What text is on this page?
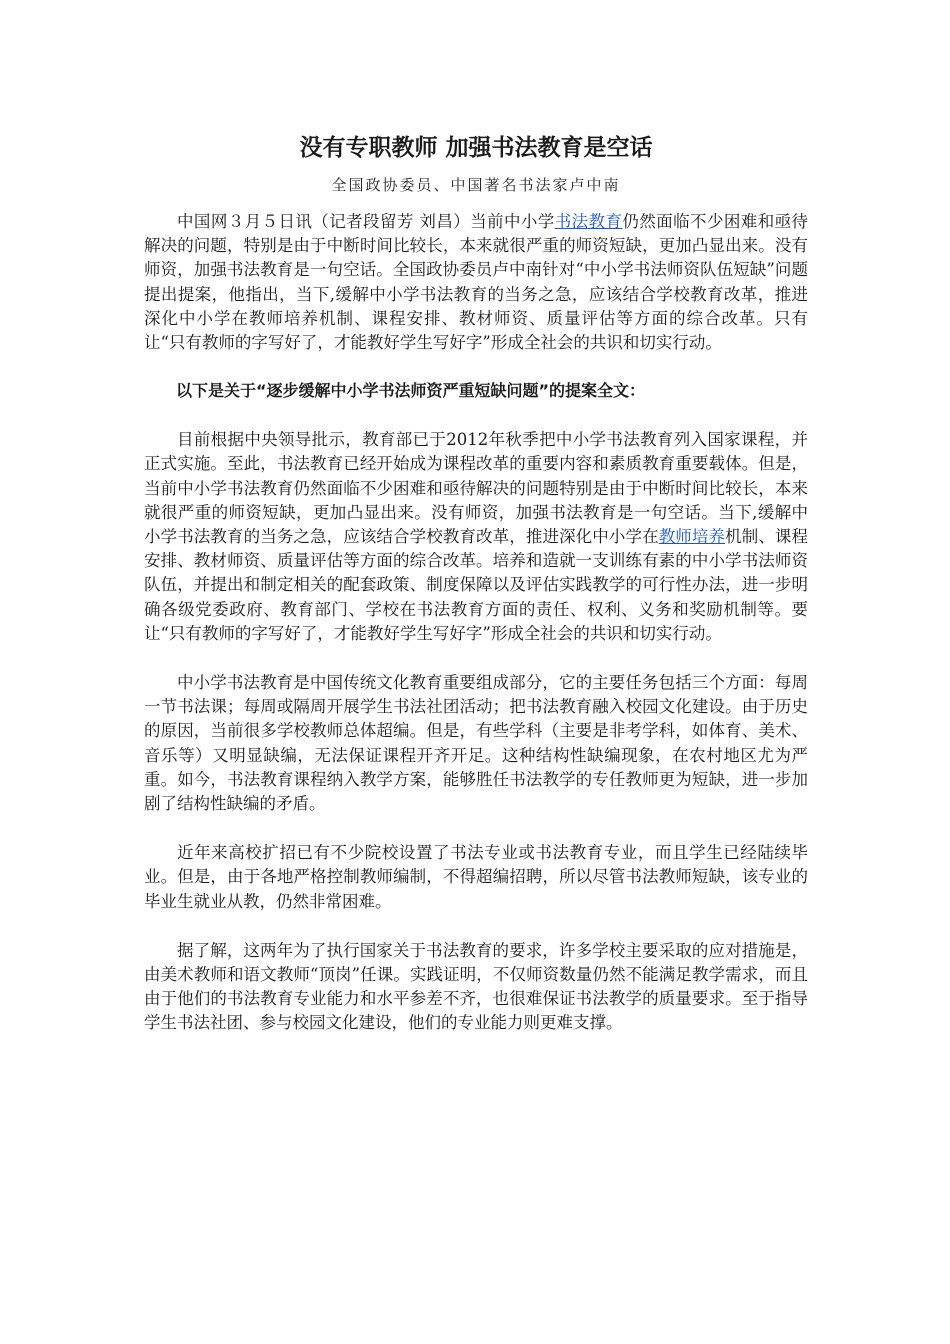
没有专职教师 加强书法教育是空话

全国政协委员、中国著名书法家卢中南

中国网３月５日讯（记者段留芳 刘昌）当前中小学书法教育仍然面临不少困难和亟待解决的问题，特别是由于中断时间比较长，本来就很严重的师资短缺，更加凸显出来。没有师资，加强书法教育是一句空话。全国政协委员卢中南针对“中小学书法师资队伍短缺”问题提出提案，他指出，当下,缓解中小学书法教育的当务之急，应该结合学校教育改革，推进深化中小学在教师培养机制、课程安排、教材师资、质量评估等方面的综合改革。只有让“只有教师的字写好了，才能教好学生写好字”形成全社会的共识和切实行动。

以下是关于“逐步缓解中小学书法师资严重短缺问题”的提案全文：

目前根据中央领导批示，教育部已于2012年秋季把中小学书法教育列入国家课程，并正式实施。至此，书法教育已经开始成为课程改革的重要内容和素质教育重要载体。但是，当前中小学书法教育仍然面临不少困难和亟待解决的问题特别是由于中断时间比较长，本来就很严重的师资短缺，更加凸显出来。没有师资，加强书法教育是一句空话。当下,缓解中小学书法教育的当务之急，应该结合学校教育改革，推进深化中小学在教师培养机制、课程安排、教材师资、质量评估等方面的综合改革。培养和造就一支训练有素的中小学书法师资队伍，并提出和制定相关的配套政策、制度保障以及评估实践教学的可行性办法，进一步明确各级党委政府、教育部门、学校在书法教育方面的责任、权利、义务和奖励机制等。要让“只有教师的字写好了，才能教好学生写好字”形成全社会的共识和切实行动。

中小学书法教育是中国传统文化教育重要组成部分，它的主要任务包括三个方面：每周一节书法课；每周或隔周开展学生书法社团活动；把书法教育融入校园文化建设。由于历史的原因，当前很多学校教师总体超编。但是，有些学科（主要是非考学科，如体育、美术、音乐等）又明显缺编，无法保证课程开齐开足。这种结构性缺编现象，在农村地区尤为严重。如今，书法教育课程纳入教学方案，能够胜任书法教学的专任教师更为短缺，进一步加剧了结构性缺编的矛盾。

近年来高校扩招已有不少院校设置了书法专业或书法教育专业，而且学生已经陆续毕业。但是，由于各地严格控制教师编制，不得超编招聘，所以尽管书法教师短缺，该专业的毕业生就业从教，仍然非常困难。

据了解，这两年为了执行国家关于书法教育的要求，许多学校主要采取的应对措施是，由美术教师和语文教师“顶岗”任课。实践证明，不仅师资数量仍然不能满足教学需求，而且由于他们的书法教育专业能力和水平参差不齐，也很难保证书法教学的质量要求。至于指导学生书法社团、参与校园文化建设，他们的专业能力则更难支撑。
